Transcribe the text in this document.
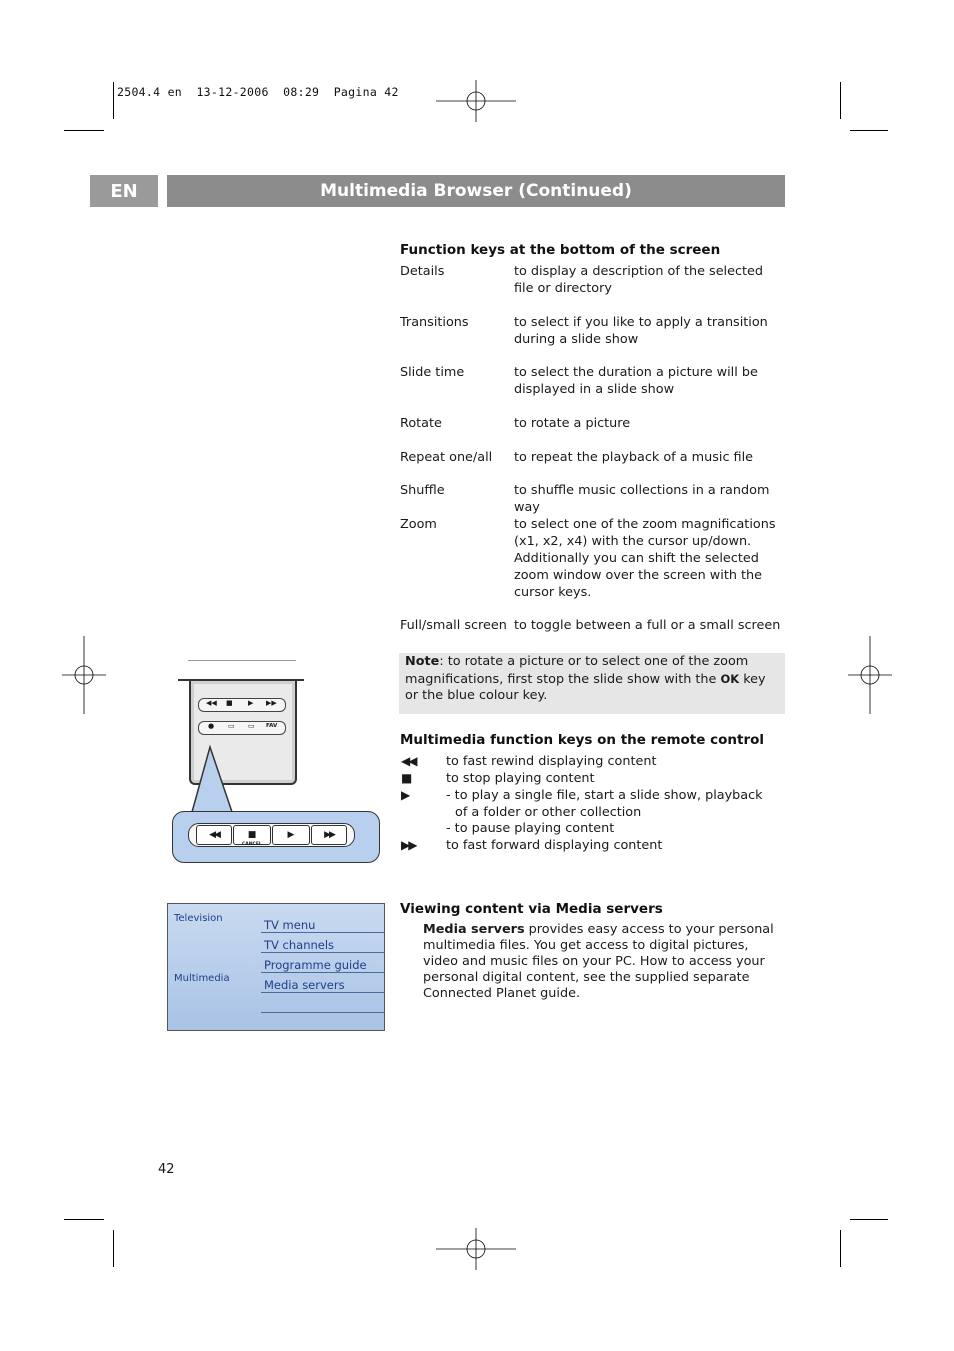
2504.4 en  13-12-2006  08:29  Pagina 42
EN	Multimedia Browser (Continued)
Function keys at the bottom of the screen
Details	to display a description of the selected file or directory
Transitions	to select if you like to apply a transition during a slide show
Slide time	to select the duration a picture will be displayed in a slide show
Rotate	to rotate a picture
Repeat one/all	to repeat the playback of a music file
Shuffle	to shuffle music collections in a random way
Zoom	to select one of the zoom magnifications (x1, x2, x4) with the cursor up/down. Additionally you can shift the selected zoom window over the screen with the cursor keys.
Full/small screen to toggle between a full or a small screen
Note: to rotate a picture or to select one of the zoom magnifications, first stop the slide show with the OK key or the blue colour key.
Multimedia function keys on the remote control
◀◀	to fast rewind displaying content
■	to stop playing content
▶	- to play a single file, start a slide show, playback of a folder or other collection
- to pause playing content
▶▶	to fast forward displaying content
Viewing content via Media servers
Media servers provides easy access to your personal multimedia files. You get access to digital pictures, video and music files on your PC. How to access your personal digital content, see the supplied separate Connected Planet guide.
◀◀ ■ ▶ ▶▶
● ▭ ▭ FAV
◀◀	■
CANCEL
▶	▶▶
Television
Multimedia
TV menu
TV channels
Programme guide
Media servers
42
